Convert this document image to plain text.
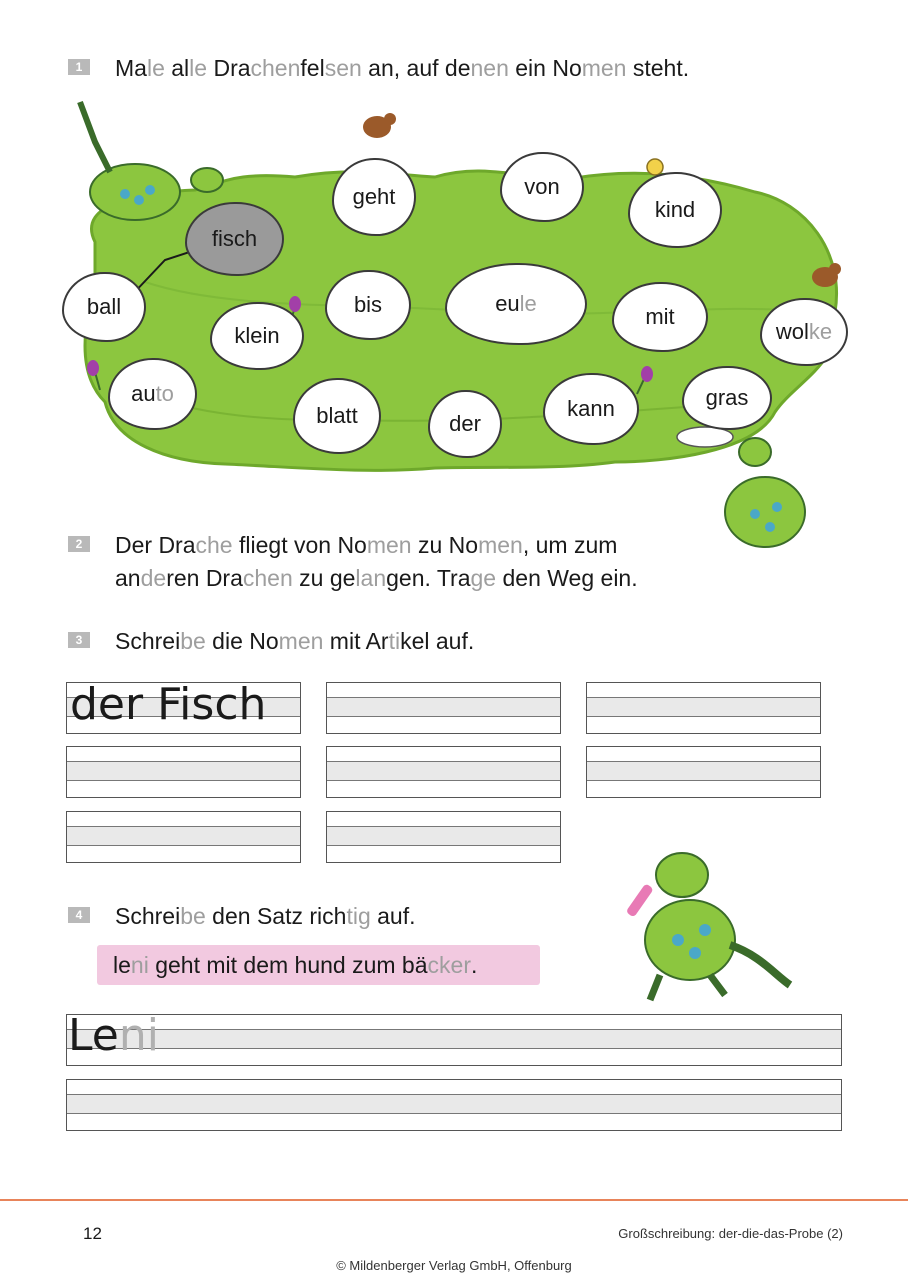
1	Male alle Drachenfelsen an, auf denen ein Nomen steht.
geht	von
kind
fisch
ball	bis	eu le
mit
wol ke
klein
au to
blatt	der
kann	gras
2	Der Drache fliegt von Nomen zu Nomen, um zum
anderen Drachen zu gelangen. Trage den Weg ein.
3	Schreibe die Nomen mit Artikel auf.
der Fisch
4	Schreibe den Satz richtig auf.
le ni geht mit dem hund zum bä cker .
Leni
12	Großschreibung: der-die-das-Probe (2)
© Mildenberger Verlag GmbH, Offenburg
